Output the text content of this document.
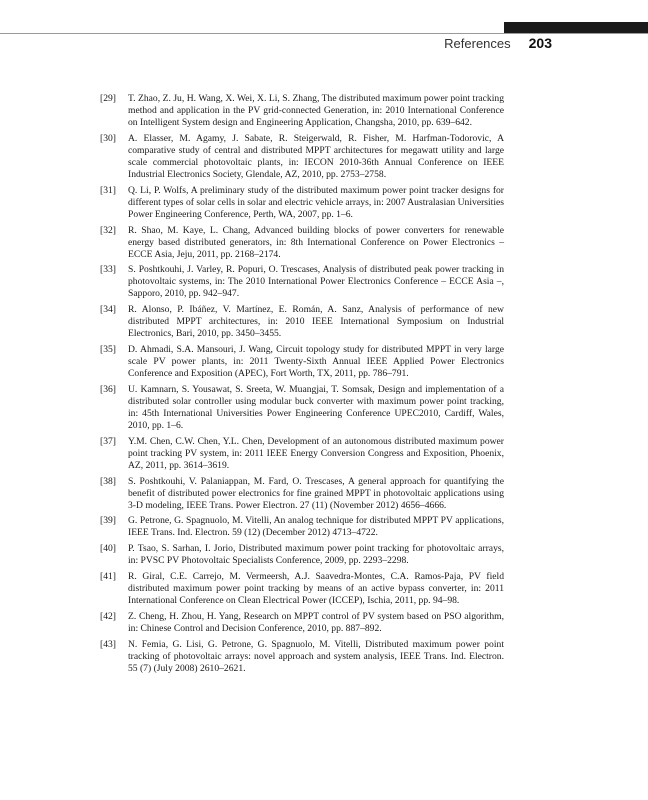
References 203
[29] T. Zhao, Z. Ju, H. Wang, X. Wei, X. Li, S. Zhang, The distributed maximum power point tracking method and application in the PV grid-connected Generation, in: 2010 International Conference on Intelligent System design and Engineering Application, Changsha, 2010, pp. 639–642.
[30] A. Elasser, M. Agamy, J. Sabate, R. Steigerwald, R. Fisher, M. Harfman-Todorovic, A comparative study of central and distributed MPPT architectures for megawatt utility and large scale commercial photovoltaic plants, in: IECON 2010-36th Annual Conference on IEEE Industrial Electronics Society, Glendale, AZ, 2010, pp. 2753–2758.
[31] Q. Li, P. Wolfs, A preliminary study of the distributed maximum power point tracker designs for different types of solar cells in solar and electric vehicle arrays, in: 2007 Australasian Universities Power Engineering Conference, Perth, WA, 2007, pp. 1–6.
[32] R. Shao, M. Kaye, L. Chang, Advanced building blocks of power converters for renewable energy based distributed generators, in: 8th International Conference on Power Electronics – ECCE Asia, Jeju, 2011, pp. 2168–2174.
[33] S. Poshtkouhi, J. Varley, R. Popuri, O. Trescases, Analysis of distributed peak power tracking in photovoltaic systems, in: The 2010 International Power Electronics Conference – ECCE Asia –, Sapporo, 2010, pp. 942–947.
[34] R. Alonso, P. Ibáñez, V. Martínez, E. Román, A. Sanz, Analysis of performance of new distributed MPPT architectures, in: 2010 IEEE International Symposium on Industrial Electronics, Bari, 2010, pp. 3450–3455.
[35] D. Ahmadi, S.A. Mansouri, J. Wang, Circuit topology study for distributed MPPT in very large scale PV power plants, in: 2011 Twenty-Sixth Annual IEEE Applied Power Electronics Conference and Exposition (APEC), Fort Worth, TX, 2011, pp. 786–791.
[36] U. Kamnarn, S. Yousawat, S. Sreeta, W. Muangjai, T. Somsak, Design and implementation of a distributed solar controller using modular buck converter with maximum power point tracking, in: 45th International Universities Power Engineering Conference UPEC2010, Cardiff, Wales, 2010, pp. 1–6.
[37] Y.M. Chen, C.W. Chen, Y.L. Chen, Development of an autonomous distributed maximum power point tracking PV system, in: 2011 IEEE Energy Conversion Congress and Exposition, Phoenix, AZ, 2011, pp. 3614–3619.
[38] S. Poshtkouhi, V. Palaniappan, M. Fard, O. Trescases, A general approach for quantifying the benefit of distributed power electronics for fine grained MPPT in photovoltaic applications using 3-D modeling, IEEE Trans. Power Electron. 27 (11) (November 2012) 4656–4666.
[39] G. Petrone, G. Spagnuolo, M. Vitelli, An analog technique for distributed MPPT PV applications, IEEE Trans. Ind. Electron. 59 (12) (December 2012) 4713–4722.
[40] P. Tsao, S. Sarhan, I. Jorio, Distributed maximum power point tracking for photovoltaic arrays, in: PVSC PV Photovoltaic Specialists Conference, 2009, pp. 2293–2298.
[41] R. Giral, C.E. Carrejo, M. Vermeersh, A.J. Saavedra-Montes, C.A. Ramos-Paja, PV field distributed maximum power point tracking by means of an active bypass converter, in: 2011 International Conference on Clean Electrical Power (ICCEP), Ischia, 2011, pp. 94–98.
[42] Z. Cheng, H. Zhou, H. Yang, Research on MPPT control of PV system based on PSO algorithm, in: Chinese Control and Decision Conference, 2010, pp. 887–892.
[43] N. Femia, G. Lisi, G. Petrone, G. Spagnuolo, M. Vitelli, Distributed maximum power point tracking of photovoltaic arrays: novel approach and system analysis, IEEE Trans. Ind. Electron. 55 (7) (July 2008) 2610–2621.
